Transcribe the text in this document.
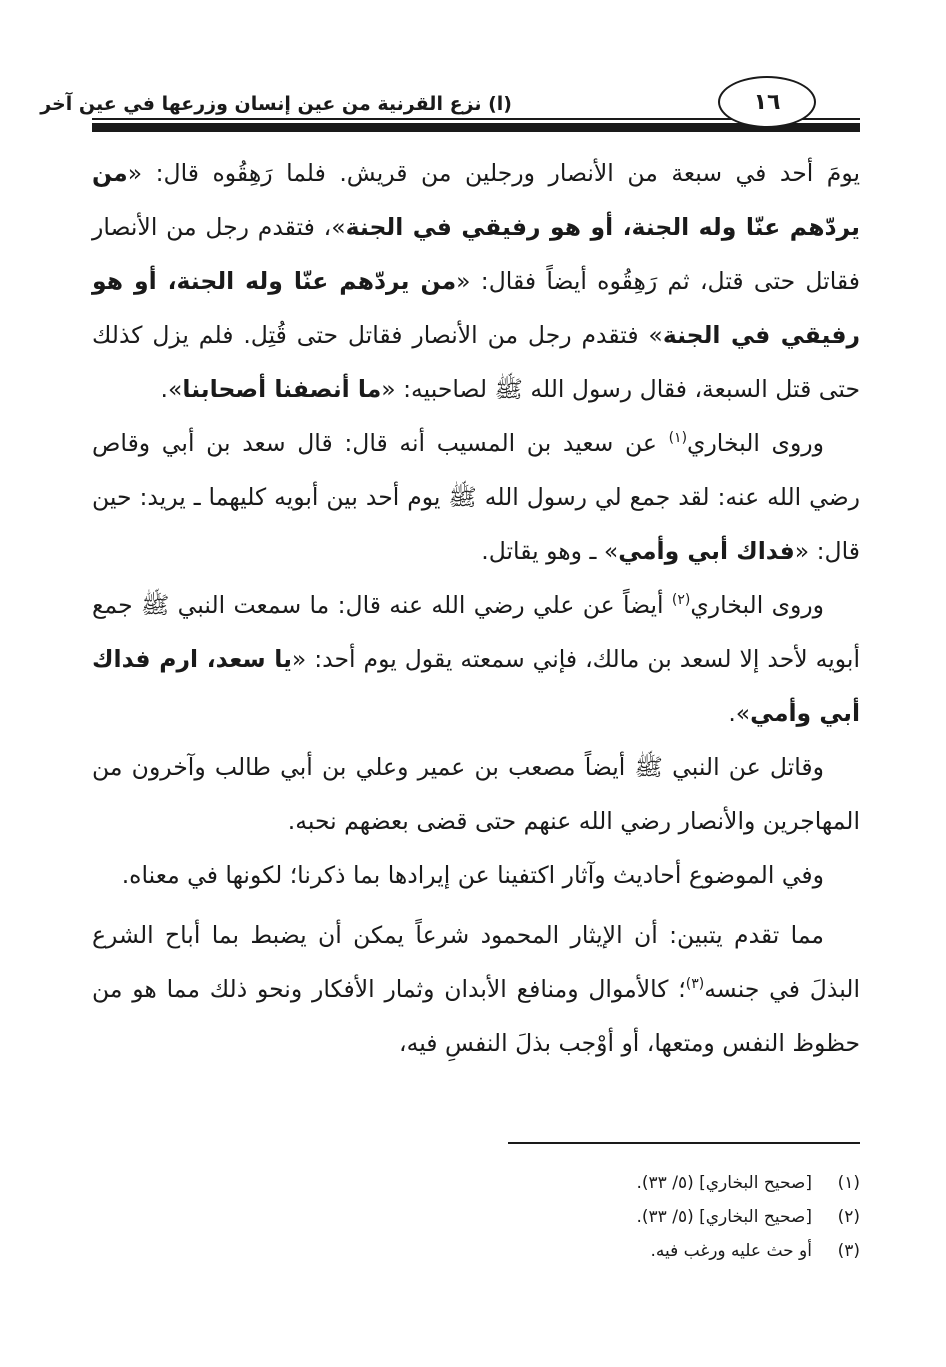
١٦
(ا) نزع القرنية من عين إنسان وزرعها في عين آخر

يومَ أحد في سبعة من الأنصار ورجلين من قريش. فلما رَهِقُوه قال: «من يردّهم عنّا وله الجنة، أو هو رفيقي في الجنة»، فتقدم رجل من الأنصار فقاتل حتى قتل، ثم رَهِقُوه أيضاً فقال: «من يردّهم عنّا وله الجنة، أو هو رفيقي في الجنة» فتقدم رجل من الأنصار فقاتل حتى قُتِل. فلم يزل كذلك حتى قتل السبعة، فقال رسول الله ﷺ لصاحبيه: «ما أنصفنا أصحابنا».

وروى البخاري$^{(١)}$ عن سعيد بن المسيب أنه قال: قال سعد بن أبي وقاص رضي الله عنه: لقد جمع لي رسول الله ﷺ يوم أحد بين أبويه كليهما ـ يريد: حين قال: «فداك أبي وأمي» ـ وهو يقاتل.

وروى البخاري$^{(٢)}$ أيضاً عن علي رضي الله عنه قال: ما سمعت النبي ﷺ جمع أبويه لأحد إلا لسعد بن مالك، فإني سمعته يقول يوم أحد: «يا سعد، ارم فداك أبي وأمي».

وقاتل عن النبي ﷺ أيضاً مصعب بن عمير وعلي بن أبي طالب وآخرون من المهاجرين والأنصار رضي الله عنهم حتى قضى بعضهم نحبه.

وفي الموضوع أحاديث وآثار اكتفينا عن إيرادها بما ذكرنا؛ لكونها في معناه.

مما تقدم يتبين: أن الإيثار المحمود شرعاً يمكن أن يضبط بما أباح الشرع البذلَ في جنسه$^{(٣)}$؛ كالأموال ومنافع الأبدان وثمار الأفكار ونحو ذلك مما هو من حظوظ النفس ومتعها، أو أوْجب بذلَ النفسِ فيه،

(١)
[صحيح البخاري] (٥/ ٣٣).
(٢)
[صحيح البخاري] (٥/ ٣٣).
(٣)
أو حث عليه ورغب فيه.
